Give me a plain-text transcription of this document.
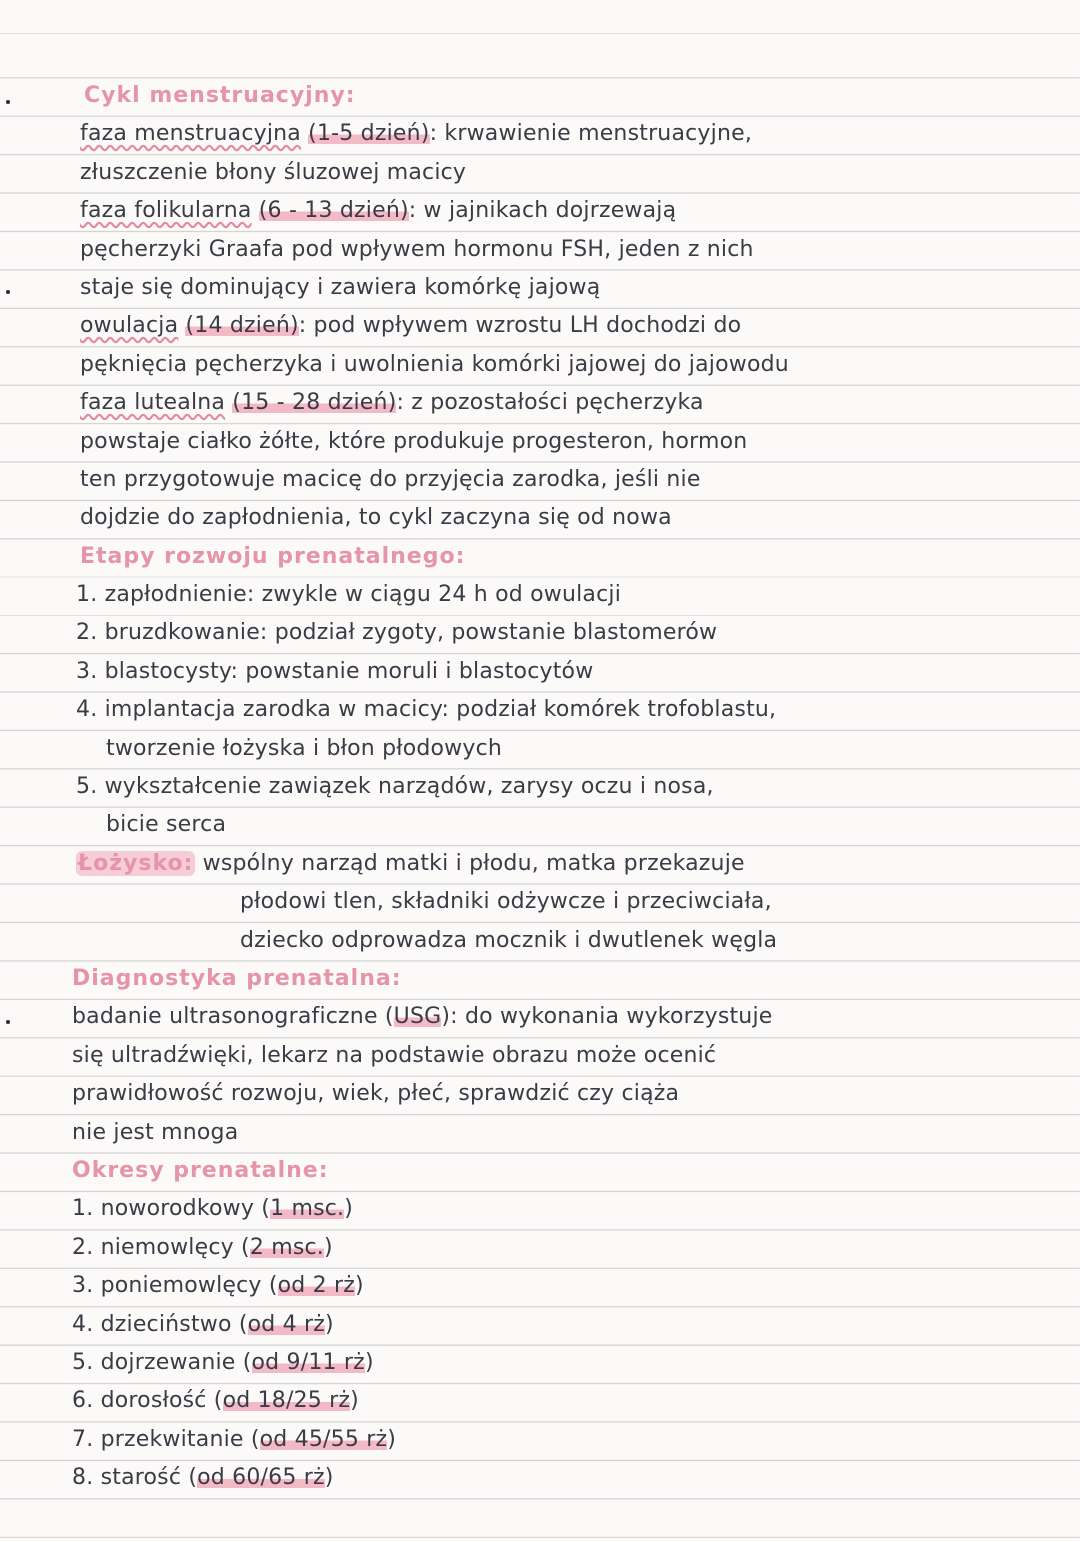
Cykl menstruacyjny:
faza menstruacyjna (1-5 dzień): krwawienie menstruacyjne,
złuszczenie błony śluzowej macicy
faza folikularna (6 - 13 dzień): w jajnikach dojrzewają
pęcherzyki Graafa pod wpływem hormonu FSH, jeden z nich
staje się dominujący i zawiera komórkę jajową
owulacja (14 dzień): pod wpływem wzrostu LH dochodzi do
pęknięcia pęcherzyka i uwolnienia komórki jajowej do jajowodu
faza lutealna (15 - 28 dzień): z pozostałości pęcherzyka
powstaje ciałko żółte, które produkuje progesteron, hormon
ten przygotowuje macicę do przyjęcia zarodka, jeśli nie
dojdzie do zapłodnienia, to cykl zaczyna się od nowa
Etapy rozwoju prenatalnego:
1. zapłodnienie: zwykle w ciągu 24 h od owulacji
2. bruzdkowanie: podział zygoty, powstanie blastomerów
3. blastocysty: powstanie moruli i blastocytów
4. implantacja zarodka w macicy: podział komórek trofoblastu,
tworzenie łożyska i błon płodowych
5. wykształcenie zawiązek narządów, zarysy oczu i nosa,
bicie serca
Łożysko: wspólny narząd matki i płodu, matka przekazuje
płodowi tlen, składniki odżywcze i przeciwciała,
dziecko odprowadza mocznik i dwutlenek węgla
Diagnostyka prenatalna:
badanie ultrasonograficzne (USG): do wykonania wykorzystuje
się ultradźwięki, lekarz na podstawie obrazu może ocenić
prawidłowość rozwoju, wiek, płeć, sprawdzić czy ciąża
nie jest mnoga
Okresy prenatalne:
1. noworodkowy (1 msc.)
2. niemowlęcy (2 msc.)
3. poniemowlęcy (od 2 rż)
4. dzieciństwo (od 4 rż)
5. dojrzewanie (od 9/11 rż)
6. dorosłość (od 18/25 rż)
7. przekwitanie (od 45/55 rż)
8. starość (od 60/65 rż)
